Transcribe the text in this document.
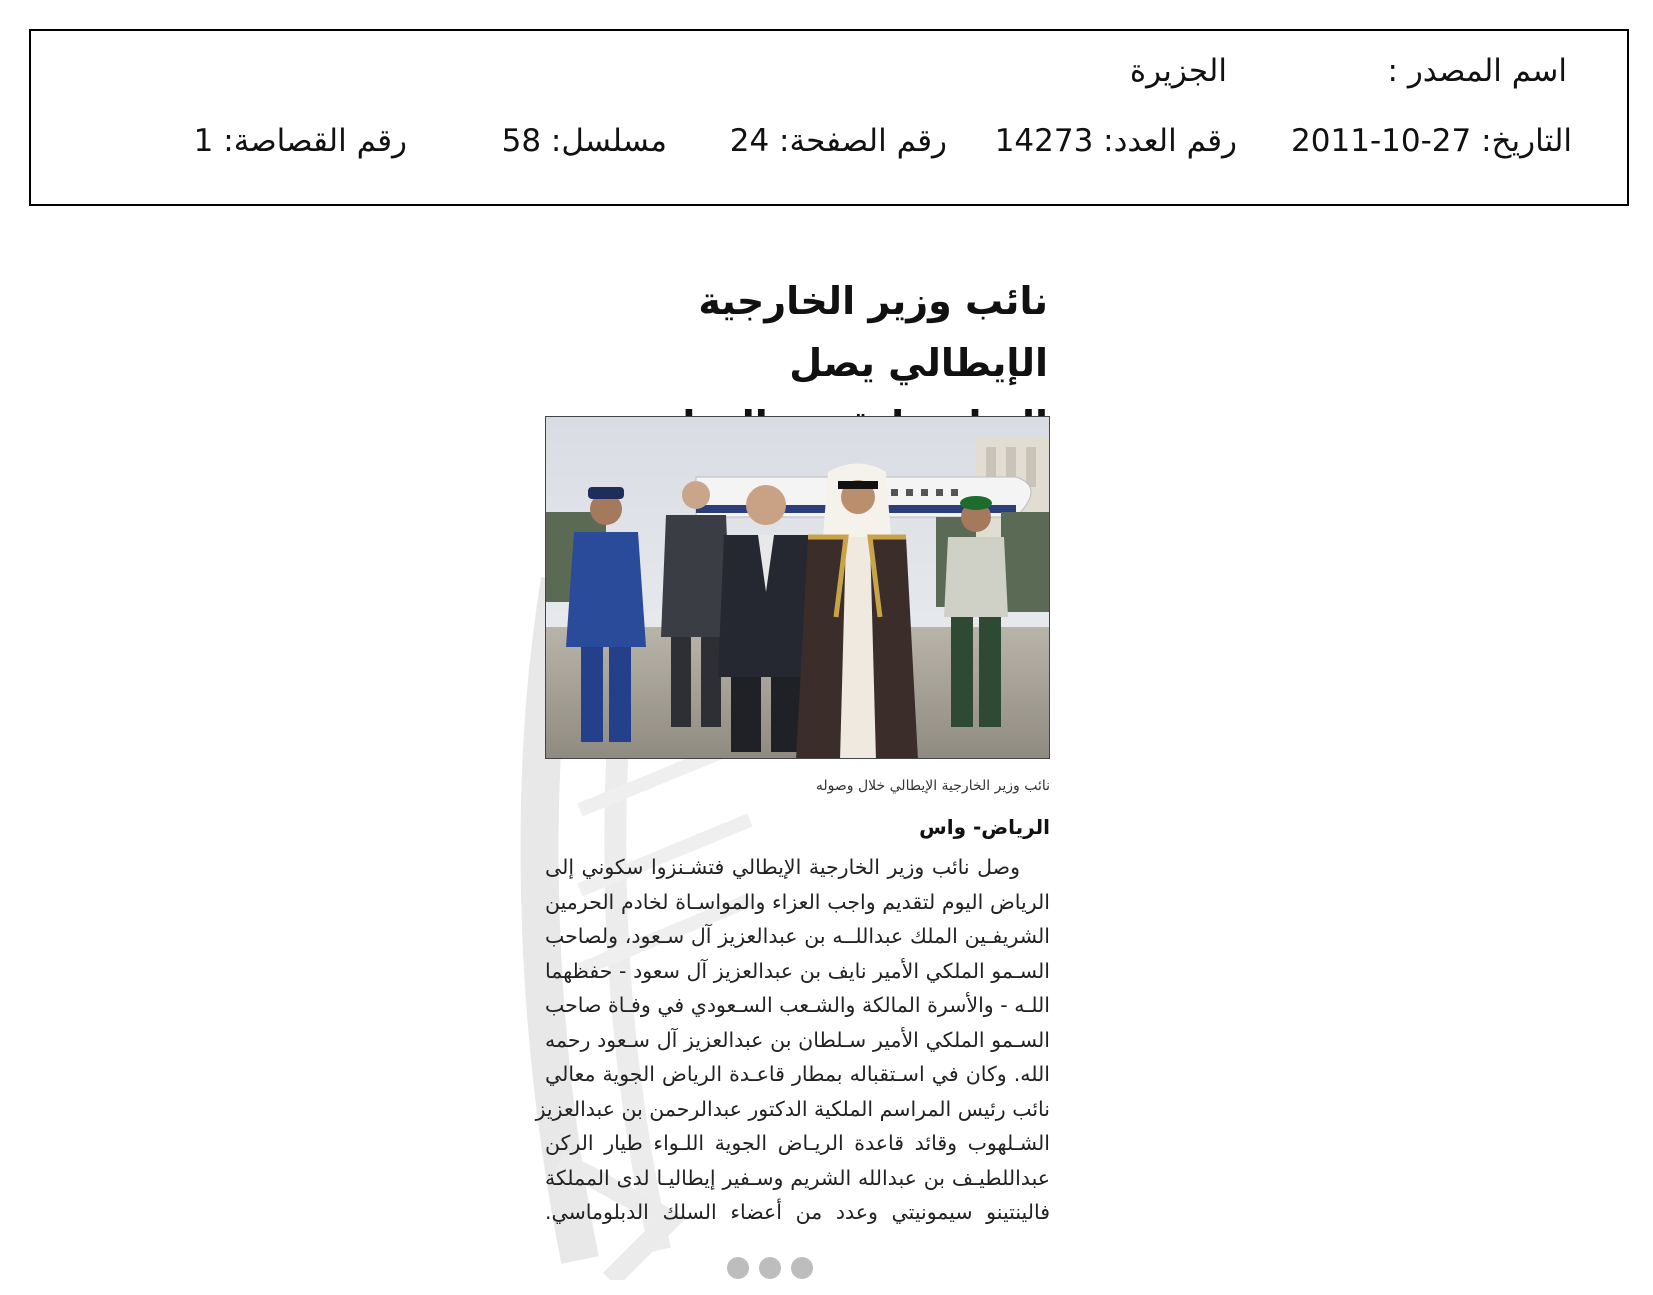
اسم المصدر :
الجزيرة
التاريخ: 27-10-2011
رقم العدد: 14273
رقم الصفحة: 24
مسلسل: 58
رقم القصاصة: 1
نائب وزير الخارجية الإيطالي يصل
نائب وزير الخارجية الإيطالي خلال وصوله
الرياض- واس
وصل نائب وزير الخارجية الإيطالي فتشـنزوا سكوني إلى
الرياض اليوم لتقديم واجب العزاء والمواسـاة لخادم الحرمين
الشريفـين الملك عبداللــه بن عبدالعزيز آل سـعود، ولصاحب
السـمو الملكي الأمير نايف بن عبدالعزيز آل سعود - حفظهما
اللـه - والأسرة المالكة والشـعب السـعودي في وفـاة صاحب
السـمو الملكي الأمير سـلطان بن عبدالعزيز آل سـعود رحمه
الله. وكان في اسـتقباله بمطار قاعـدة الرياض الجوية معالي
نائب رئيس المراسم الملكية الدكتور عبدالرحمن بن عبدالعزيز
الشـلهوب وقائد قاعدة الريـاض الجوية اللـواء طيار الركن
عبداللطيـف بن عبدالله الشريم وسـفير إيطاليـا لدى المملكة
فالينتينو سيمونيتي وعدد من أعضاء السلك الدبلوماسي.
